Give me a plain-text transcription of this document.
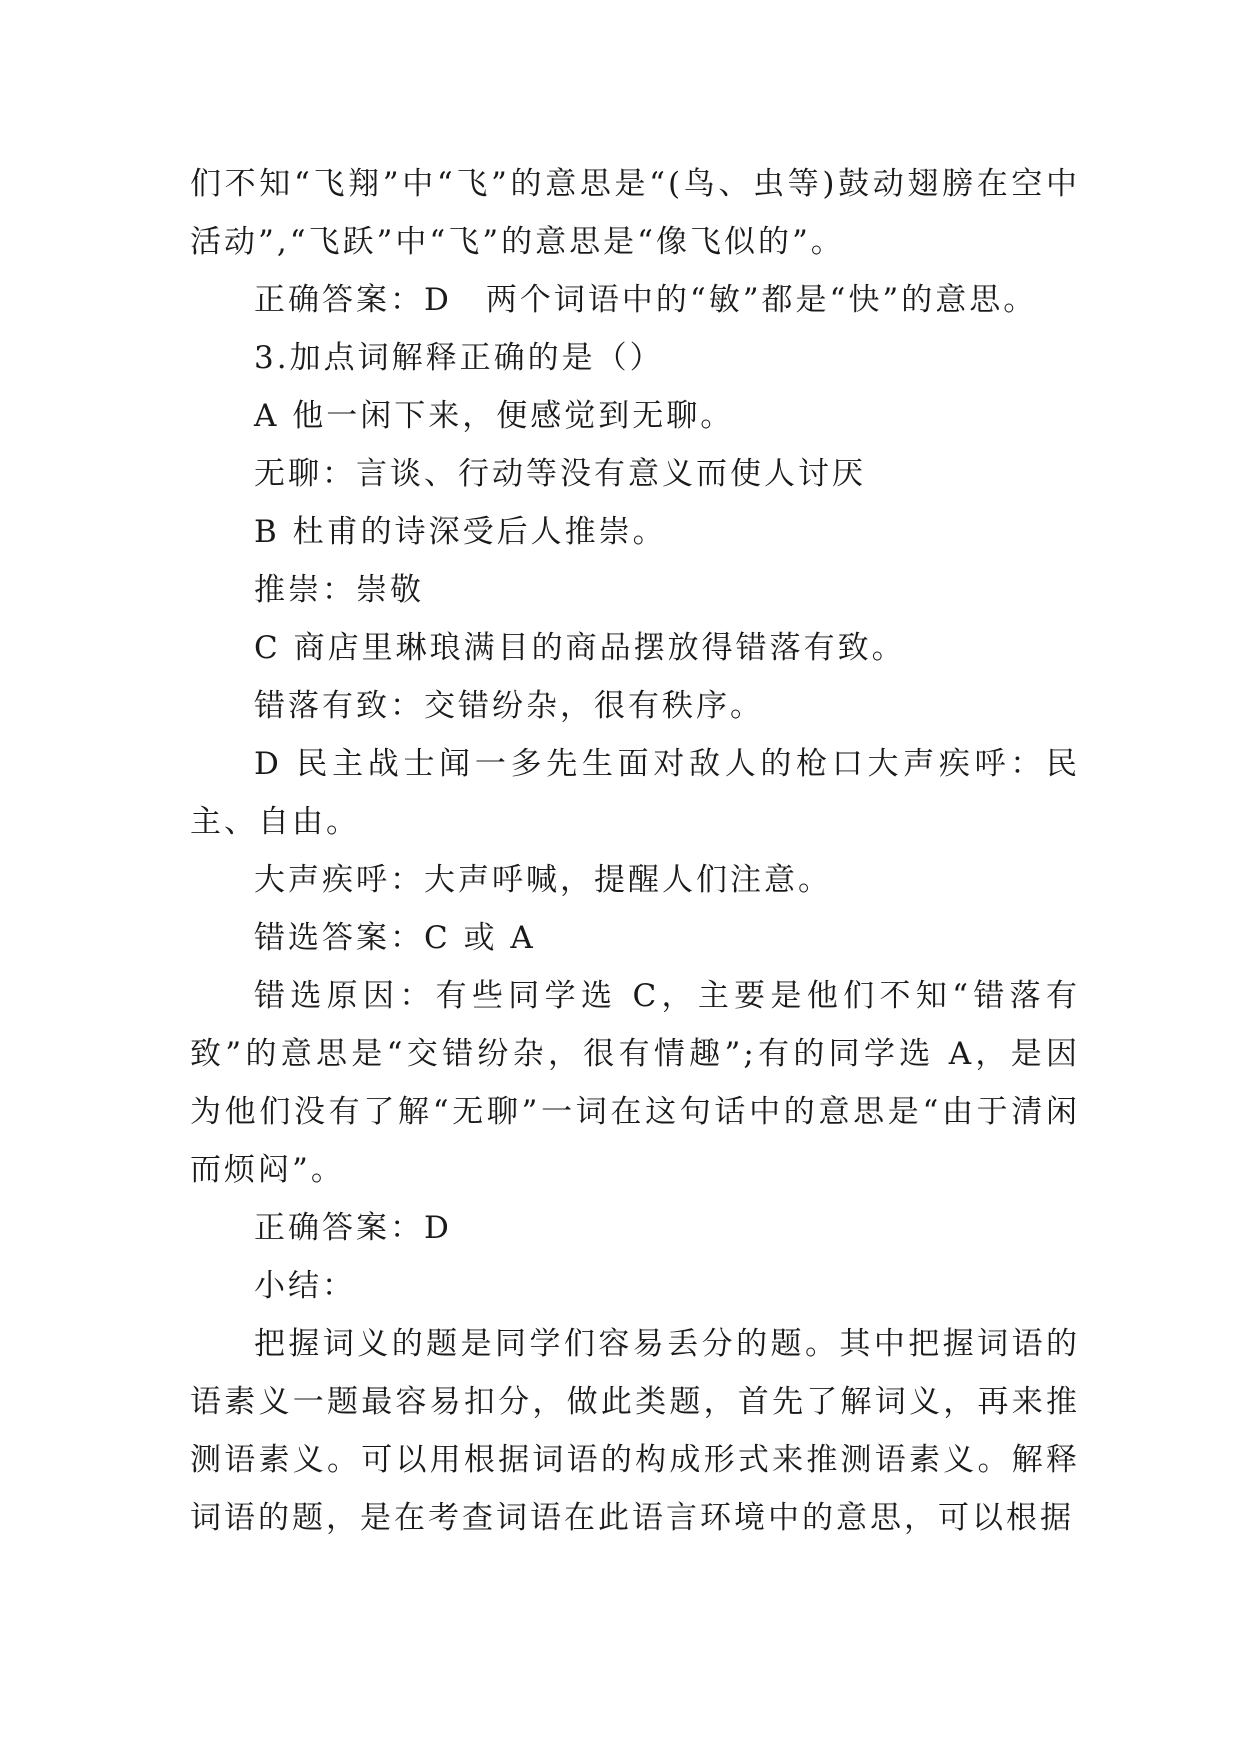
们不知“飞翔”中“飞”的意思是“(鸟、虫等)鼓动翅膀在空中活动”,“飞跃”中“飞”的意思是“像飞似的”。

正确答案：D　两个词语中的“敏”都是“快”的意思。

3.加点词解释正确的是（）

A 他一闲下来，便感觉到无聊。

无聊：言谈、行动等没有意义而使人讨厌

B 杜甫的诗深受后人推崇。

推崇：崇敬

C 商店里琳琅满目的商品摆放得错落有致。

错落有致：交错纷杂，很有秩序。

D 民主战士闻一多先生面对敌人的枪口大声疾呼：民主、自由。

大声疾呼：大声呼喊，提醒人们注意。

错选答案：C 或 A

错选原因：有些同学选 C，主要是他们不知“错落有致”的意思是“交错纷杂，很有情趣”;有的同学选 A，是因为他们没有了解“无聊”一词在这句话中的意思是“由于清闲而烦闷”。

正确答案：D

小结：

把握词义的题是同学们容易丢分的题。其中把握词语的语素义一题最容易扣分，做此类题，首先了解词义，再来推测语素义。可以用根据词语的构成形式来推测语素义。解释词语的题，是在考查词语在此语言环境中的意思，可以根据
